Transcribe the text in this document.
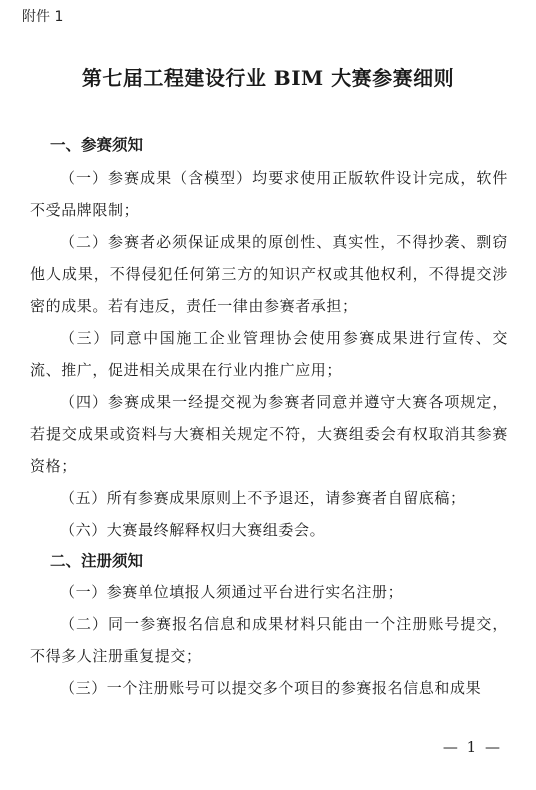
附件 1
第七届工程建设行业 BIM 大赛参赛细则
一、参赛须知

（一）参赛成果（含模型）均要求使用正版软件设计完成，软件不受品牌限制；

（二）参赛者必须保证成果的原创性、真实性，不得抄袭、剽窃他人成果，不得侵犯任何第三方的知识产权或其他权利，不得提交涉密的成果。若有违反，责任一律由参赛者承担；

（三）同意中国施工企业管理协会使用参赛成果进行宣传、交流、推广，促进相关成果在行业内推广应用；

（四）参赛成果一经提交视为参赛者同意并遵守大赛各项规定，若提交成果或资料与大赛相关规定不符，大赛组委会有权取消其参赛资格；

（五）所有参赛成果原则上不予退还，请参赛者自留底稿；

（六）大赛最终解释权归大赛组委会。

二、注册须知

（一）参赛单位填报人须通过平台进行实名注册；

（二）同一参赛报名信息和成果材料只能由一个注册账号提交，不得多人注册重复提交；

（三）一个注册账号可以提交多个项目的参赛报名信息和成果

— 1 —
